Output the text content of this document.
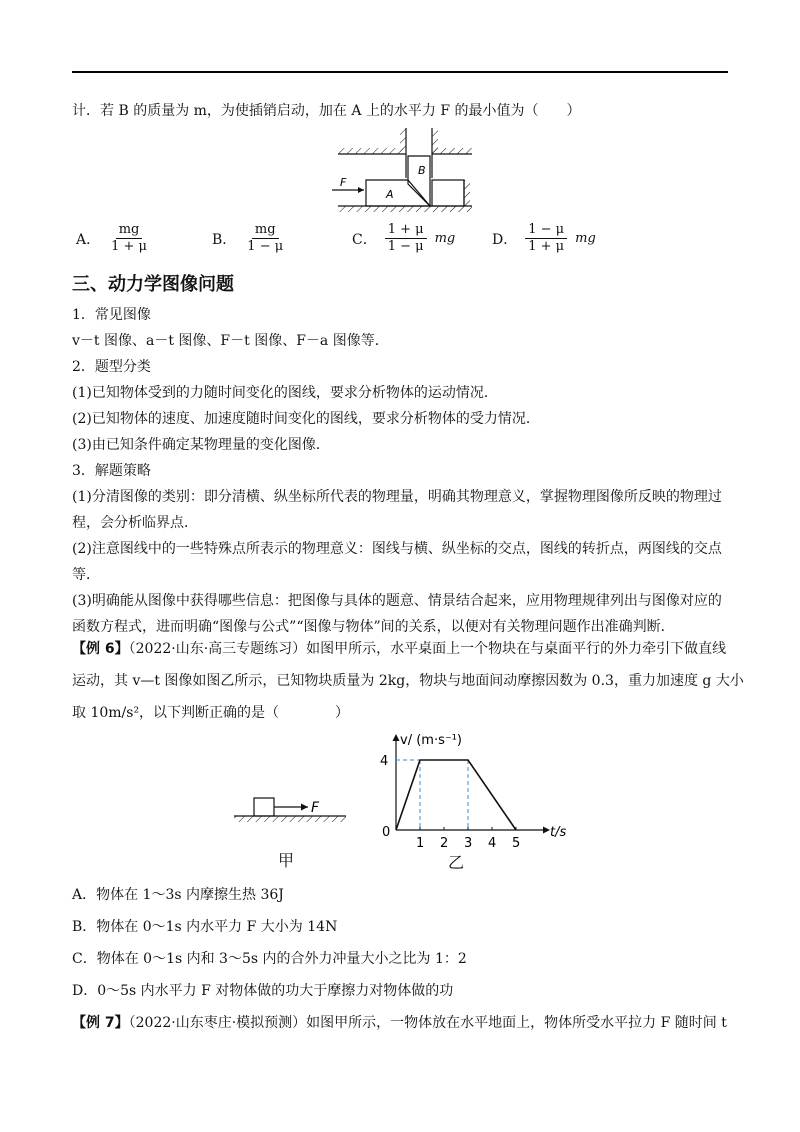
计．若 B 的质量为 m，为使插销启动，加在 A 上的水平力 F 的最小值为（　　）
B
A
F
A． $\frac{mg}{1 + \mu}$	B． $\frac{mg}{1 - \mu}$	C． $\frac{1 + \mu}{1 - \mu}$ mg	D． $\frac{1 - \mu}{1 + \mu}$ mg
三、动力学图像问题
1．常见图像
v－t 图像、a－t 图像、F－t 图像、F－a 图像等．
2．题型分类
(1)已知物体受到的力随时间变化的图线，要求分析物体的运动情况．
(2)已知物体的速度、加速度随时间变化的图线，要求分析物体的受力情况．
(3)由已知条件确定某物理量的变化图像．
3．解题策略
(1)分清图像的类别：即分清横、纵坐标所代表的物理量，明确其物理意义，掌握物理图像所反映的物理过
程，会分析临界点．
(2)注意图线中的一些特殊点所表示的物理意义：图线与横、纵坐标的交点，图线的转折点，两图线的交点
等．
(3)明确能从图像中获得哪些信息：把图像与具体的题意、情景结合起来，应用物理规律列出与图像对应的
函数方程式，进而明确“图像与公式”“图像与物体”间的关系，以便对有关物理问题作出准确判断．
【例 6】（2022·山东·高三专题练习）如图甲所示，水平桌面上一个物块在与桌面平行的外力牵引下做直线
运动，其 v—t 图像如图乙所示，已知物块质量为 2kg，物块与地面间动摩擦因数为 0.3，重力加速度 g 大小
取 10m/s²，以下判断正确的是（　　　　）
F
甲
v/ (m·s⁻¹)
t/s
0
1 2 3 4 5
4
乙
A．物体在 1～3s 内摩擦生热 36J
B．物体在 0～1s 内水平力 F 大小为 14N
C．物体在 0～1s 内和 3～5s 内的合外力冲量大小之比为 1：2
D．0～5s 内水平力 F 对物体做的功大于摩擦力对物体做的功
【例 7】（2022·山东枣庄·模拟预测）如图甲所示，一物体放在水平地面上，物体所受水平拉力 F 随时间 t
